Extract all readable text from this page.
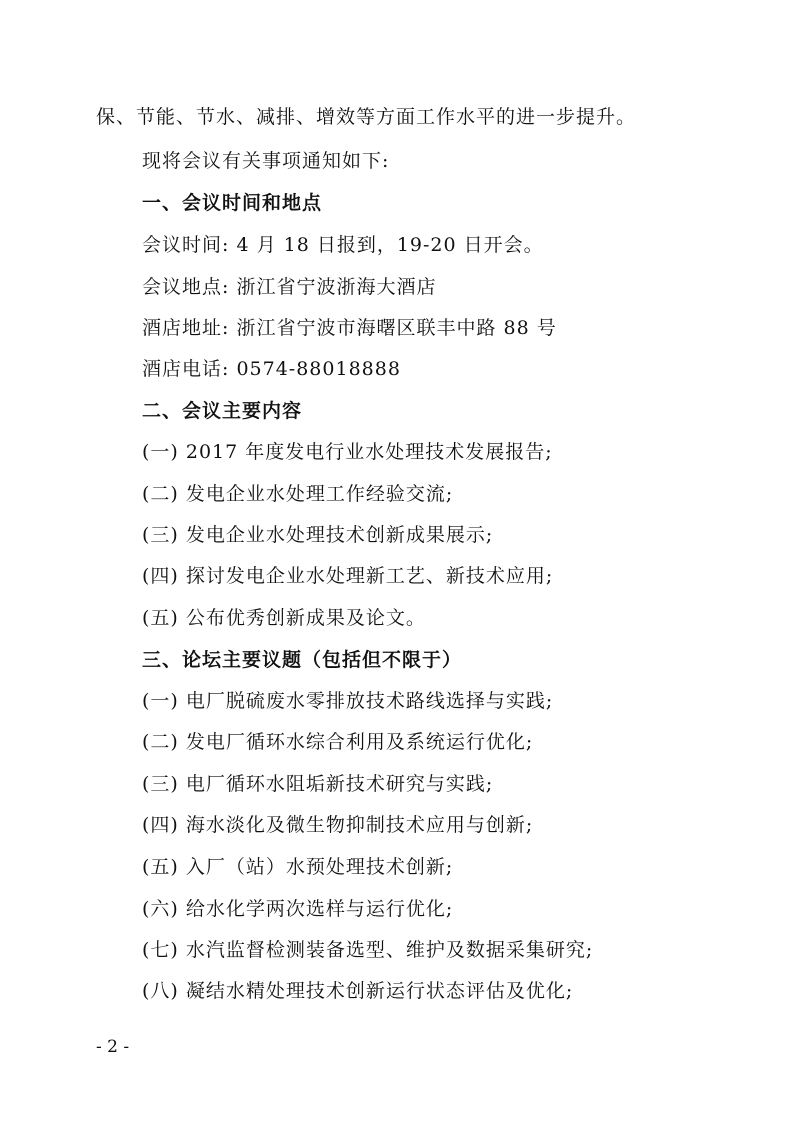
保、节能、节水、减排、增效等方面工作水平的进一步提升。
现将会议有关事项通知如下:
一、会议时间和地点
会议时间: 4 月 18 日报到，19-20 日开会。
会议地点: 浙江省宁波浙海大酒店
酒店地址: 浙江省宁波市海曙区联丰中路 88 号
酒店电话: 0574-88018888
二、会议主要内容
(一) 2017 年度发电行业水处理技术发展报告;
(二) 发电企业水处理工作经验交流;
(三) 发电企业水处理技术创新成果展示;
(四) 探讨发电企业水处理新工艺、新技术应用;
(五) 公布优秀创新成果及论文。
三、论坛主要议题（包括但不限于）
(一) 电厂脱硫废水零排放技术路线选择与实践;
(二) 发电厂循环水综合利用及系统运行优化;
(三) 电厂循环水阻垢新技术研究与实践;
(四) 海水淡化及微生物抑制技术应用与创新;
(五) 入厂（站）水预处理技术创新;
(六) 给水化学两次选样与运行优化;
(七) 水汽监督检测装备选型、维护及数据采集研究;
(八) 凝结水精处理技术创新运行状态评估及优化;
- 2 -
